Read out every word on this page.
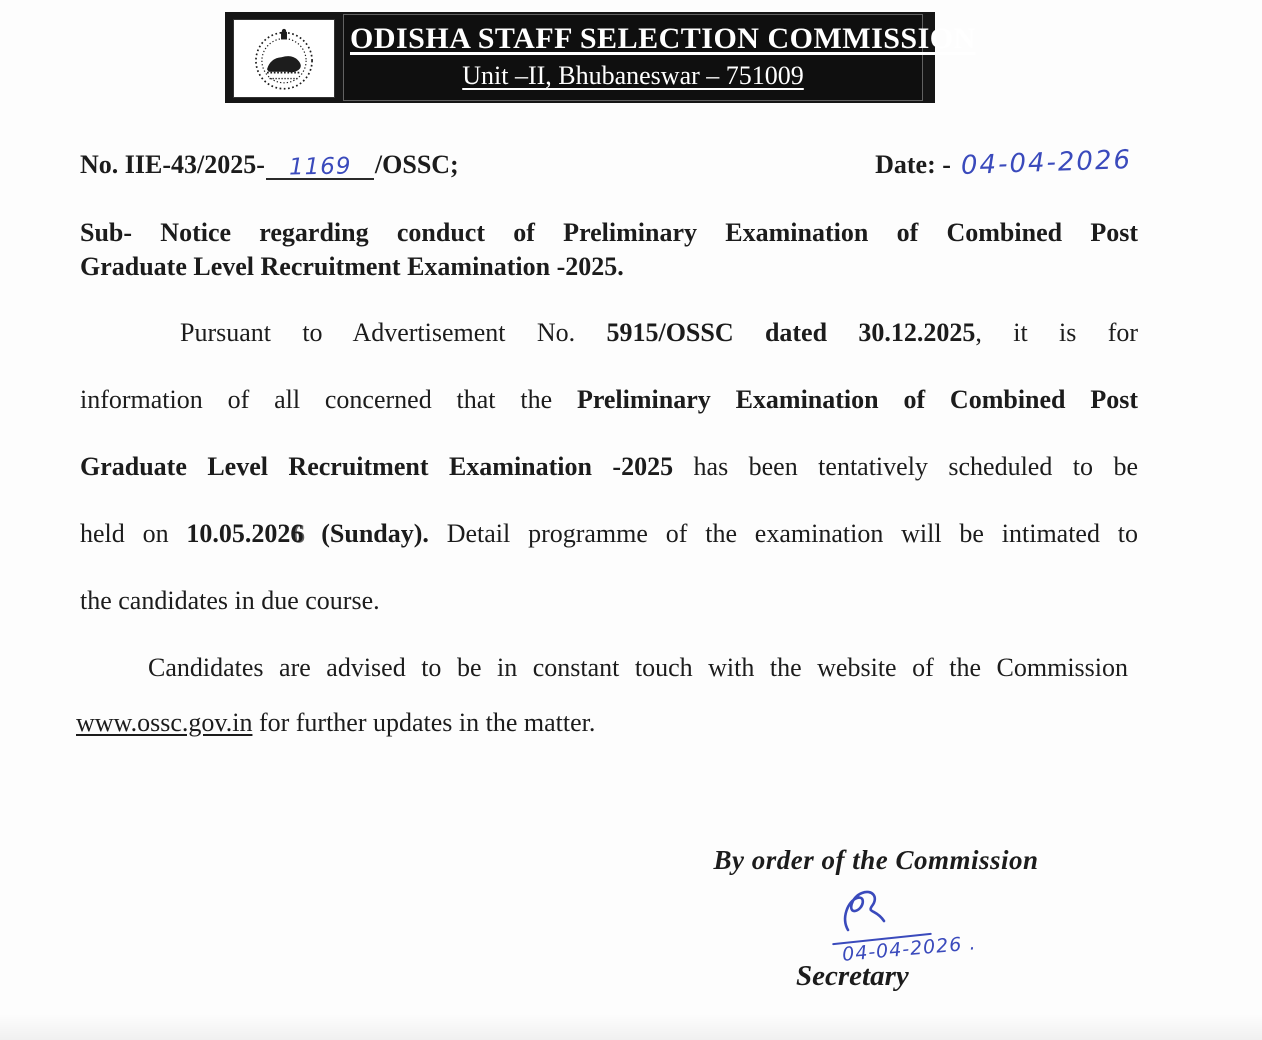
ODISHA STAFF SELECTION COMMISSION
Unit –II, Bhubaneswar – 751009
No. IIE-43/2025- 1169 /OSSC;	Date: - 04-04-2026
Sub- Notice regarding conduct of Preliminary Examination of Combined Post
Graduate Level Recruitment Examination -2025.
Pursuant to Advertisement No. 5915/OSSC dated 30.12.2025, it is for
information of all concerned that the Preliminary Examination of Combined Post
Graduate Level Recruitment Examination -2025 has been tentatively scheduled to be
held on 10.05.2026 (Sunday). Detail programme of the examination will be intimated to
the candidates in due course.
Candidates are advised to be in constant touch with the website of the Commission
www.ossc.gov.in for further updates in the matter.
By order of the Commission
04-04-2026 .
Secretary
